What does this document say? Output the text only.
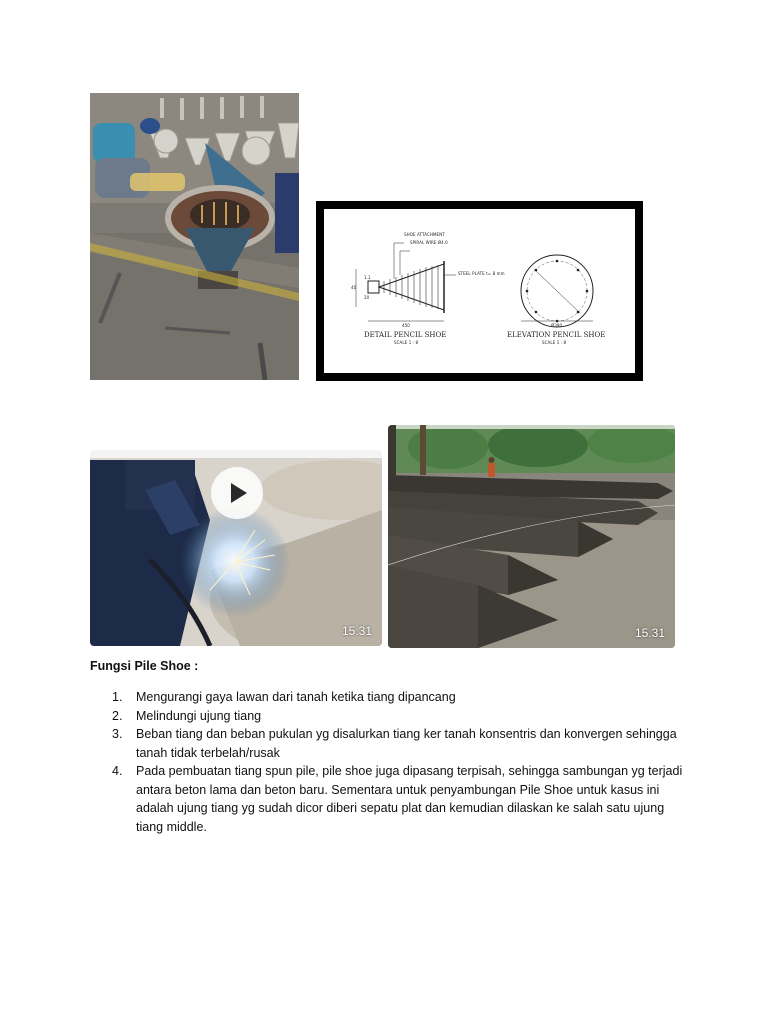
SHOE ATTACHMENT
SPIRAL WIRE Ø4.0
STEEL PLATE t= 8 mm
1.1
40
20
450	Ø390
DETAIL PENCIL SHOE
SCALE 1 : 8
ELEVATION PENCIL SHOE
SCALE 1 : 8
15.31	15.31
Fungsi Pile Shoe :
1. Mengurangi gaya lawan dari tanah ketika tiang dipancang
2. Melindungi ujung tiang
3. Beban tiang dan beban pukulan yg disalurkan tiang ker tanah konsentris dan konvergen sehingga tanah tidak terbelah/rusak
4. Pada pembuatan tiang spun pile, pile shoe juga dipasang terpisah, sehingga sambungan yg terjadi antara beton lama dan beton baru. Sementara untuk penyambungan Pile Shoe untuk kasus ini adalah ujung tiang yg sudah dicor diberi sepatu plat dan kemudian dilaskan ke salah satu ujung tiang middle.
